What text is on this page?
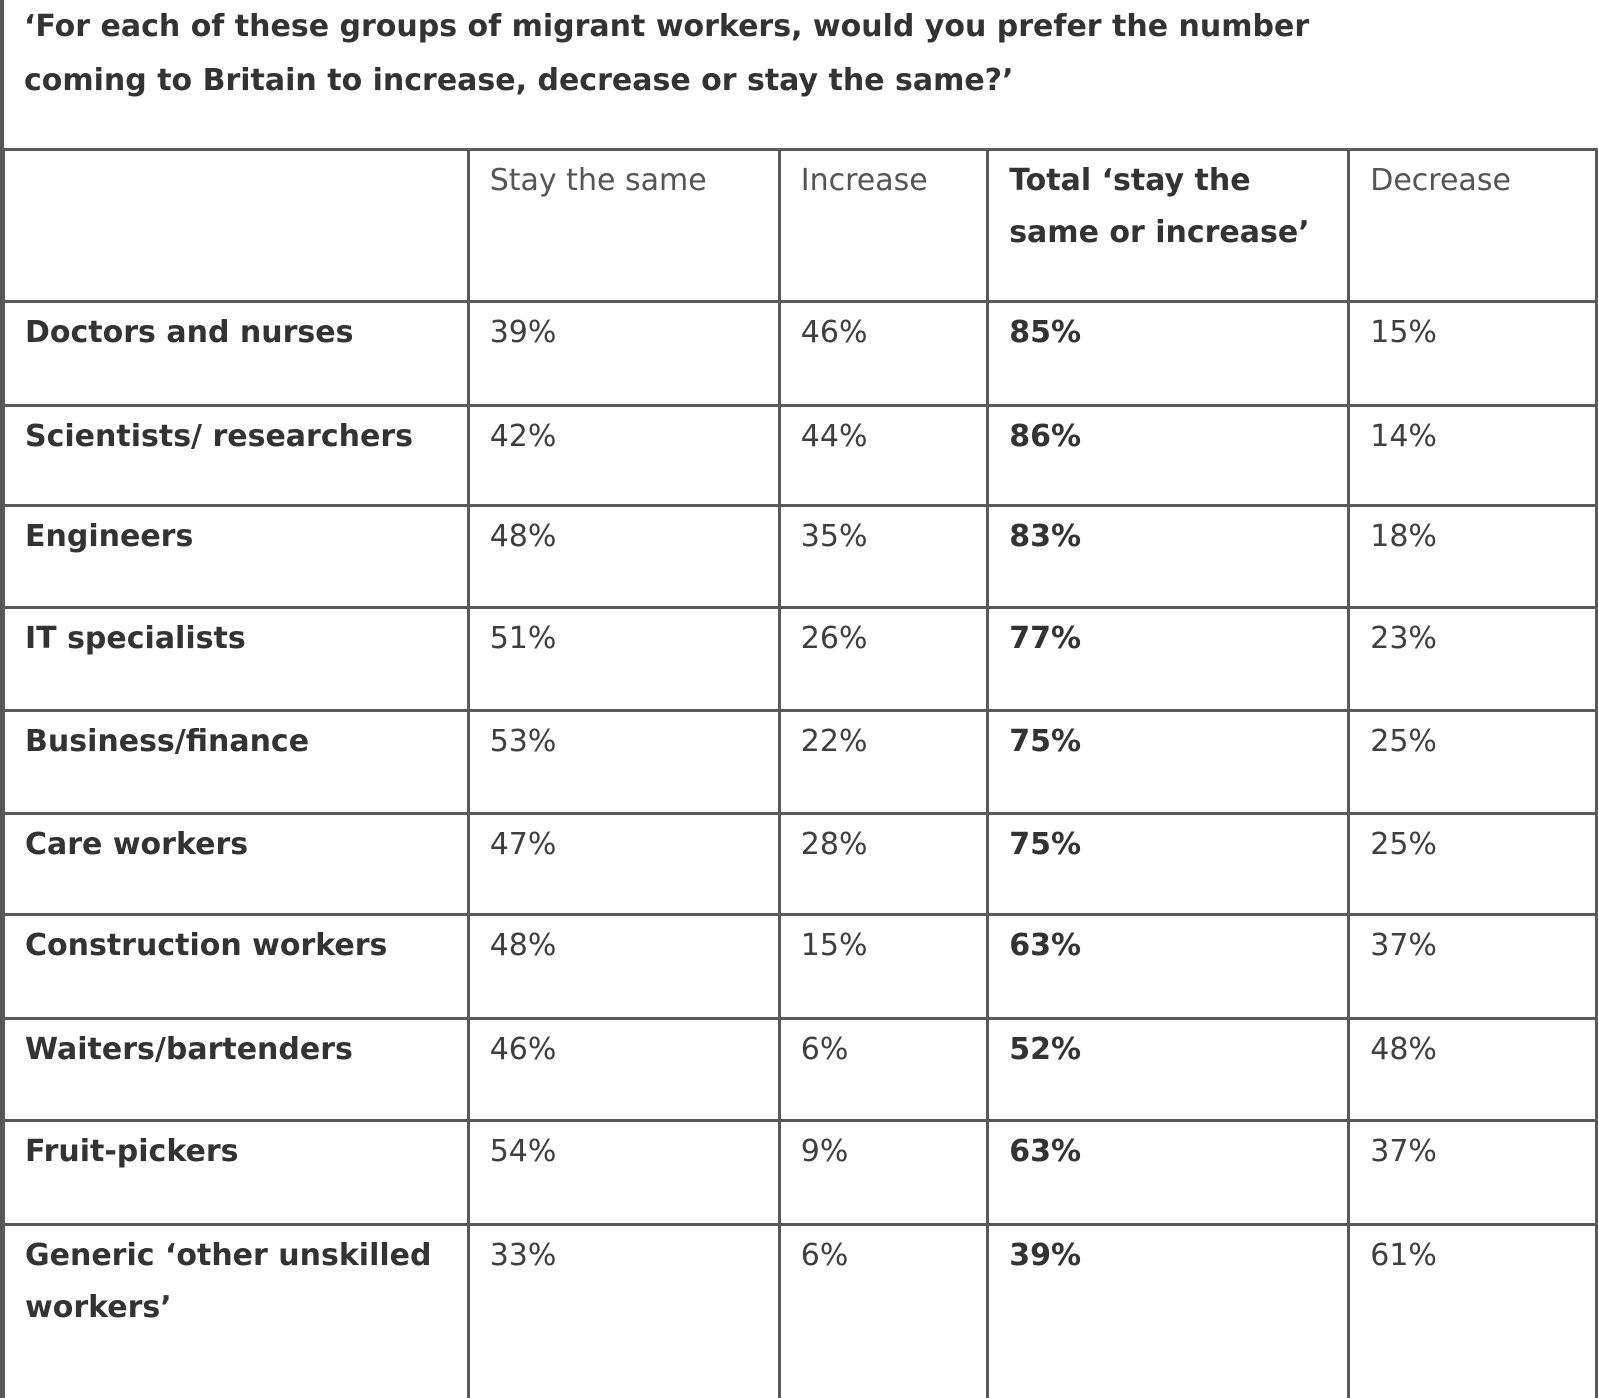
‘For each of these groups of migrant workers, would you prefer the number
coming to Britain to increase, decrease or stay the same?’
	Stay the same	Increase	Total ‘stay the same or increase’	Decrease
Doctors and nurses	39%	46%	85%	15%
Scientists/ researchers	42%	44%	86%	14%
Engineers	48%	35%	83%	18%
IT specialists	51%	26%	77%	23%
Business/finance	53%	22%	75%	25%
Care workers	47%	28%	75%	25%
Construction workers	48%	15%	63%	37%
Waiters/bartenders	46%	6%	52%	48%
Fruit-pickers	54%	9%	63%	37%
Generic ‘other unskilled workers’	33%	6%	39%	61%
